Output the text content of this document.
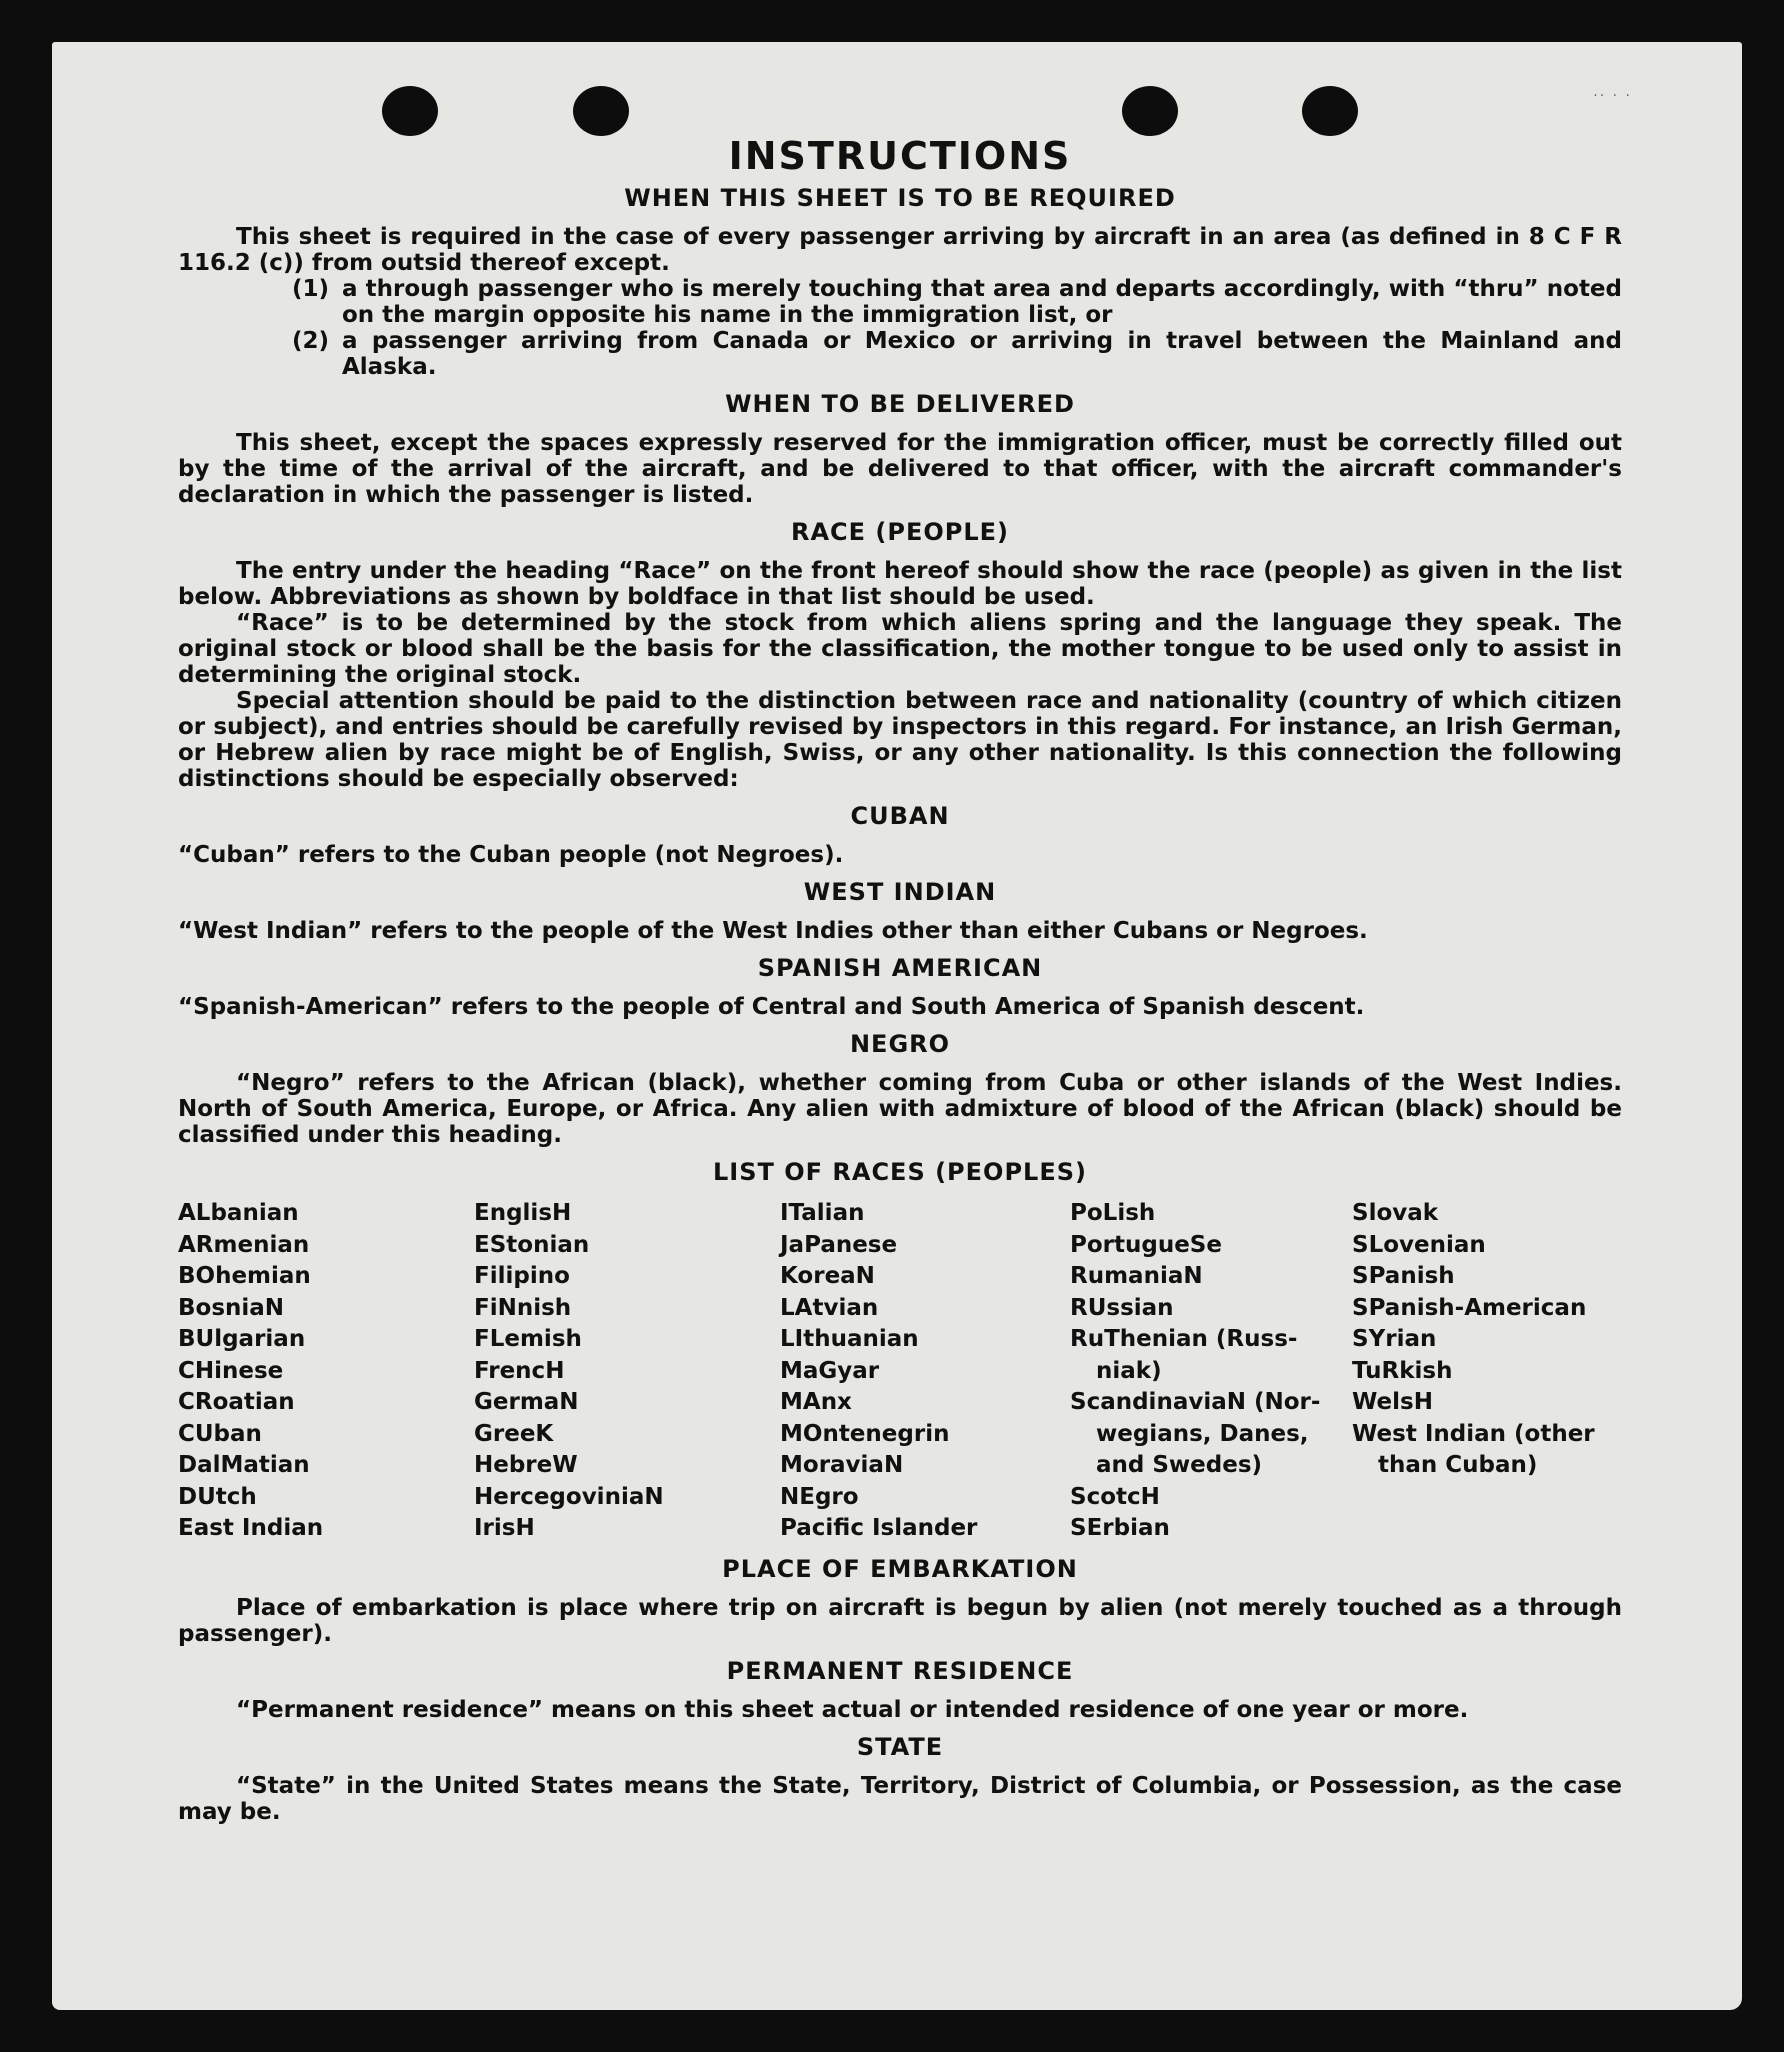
·· · ·
INSTRUCTIONS
WHEN THIS SHEET IS TO BE REQUIRED

This sheet is required in the case of every passenger arriving by aircraft in an area (as defined in 8 C F R 116.2 (c)) from outsid thereof except.

(1) a through passenger who is merely touching that area and departs accordingly, with “thru” noted on the margin opposite his name in the immigration list, or
(2) a passenger arriving from Canada or Mexico or arriving in travel between the Mainland and Alaska.
WHEN TO BE DELIVERED

This sheet, except the spaces expressly reserved for the immigration officer, must be correctly filled out by the time of the arrival of the aircraft, and be delivered to that officer, with the aircraft commander's declaration in which the passenger is listed.

RACE (PEOPLE)

The entry under the heading “Race” on the front hereof should show the race (people) as given in the list below. Abbreviations as shown by boldface in that list should be used.

“Race” is to be determined by the stock from which aliens spring and the language they speak. The original stock or blood shall be the basis for the classification, the mother tongue to be used only to assist in determining the original stock.

Special attention should be paid to the distinction between race and nationality (country of which citizen or subject), and entries should be carefully revised by inspectors in this regard. For instance, an Irish German, or Hebrew alien by race might be of English, Swiss, or any other nationality. Is this connection the following distinctions should be especially observed:

CUBAN

“Cuban” refers to the Cuban people (not Negroes).

WEST INDIAN

“West Indian” refers to the people of the West Indies other than either Cubans or Negroes.

SPANISH AMERICAN

“Spanish-American” refers to the people of Central and South America of Spanish descent.

NEGRO

“Negro” refers to the African (black), whether coming from Cuba or other islands of the West Indies. North of South America, Europe, or Africa. Any alien with admixture of blood of the African (black) should be classified under this heading.

LIST OF RACES (PEOPLES)
ALbanian
ARmenian
BOhemian
BosniaN
BUlgarian
CHinese
CRoatian
CUban
DalMatian
DUtch
East Indian
EnglisH
EStonian
Filipino
FiNnish
FLemish
FrencH
GermaN
GreeK
HebreW
HercegoviniaN
IrisH
ITalian
JaPanese
KoreaN
LAtvian
LIthuanian
MaGyar
MAnx
MOntenegrin
MoraviaN
NEgro
Pacific Islander
PoLish
PortugueSe
RumaniaN
RUssian
RuThenian (Russ-
niak)
ScandinaviaN (Nor-
wegians, Danes,
and Swedes)
ScotcH
SErbian
Slovak
SLovenian
SPanish
SPanish-American
SYrian
TuRkish
WelsH
West Indian (other
than Cuban)
PLACE OF EMBARKATION

Place of embarkation is place where trip on aircraft is begun by alien (not merely touched as a through passenger).

PERMANENT RESIDENCE

“Permanent residence” means on this sheet actual or intended residence of one year or more.

STATE

“State” in the United States means the State, Territory, District of Columbia, or Possession, as the case may be.
